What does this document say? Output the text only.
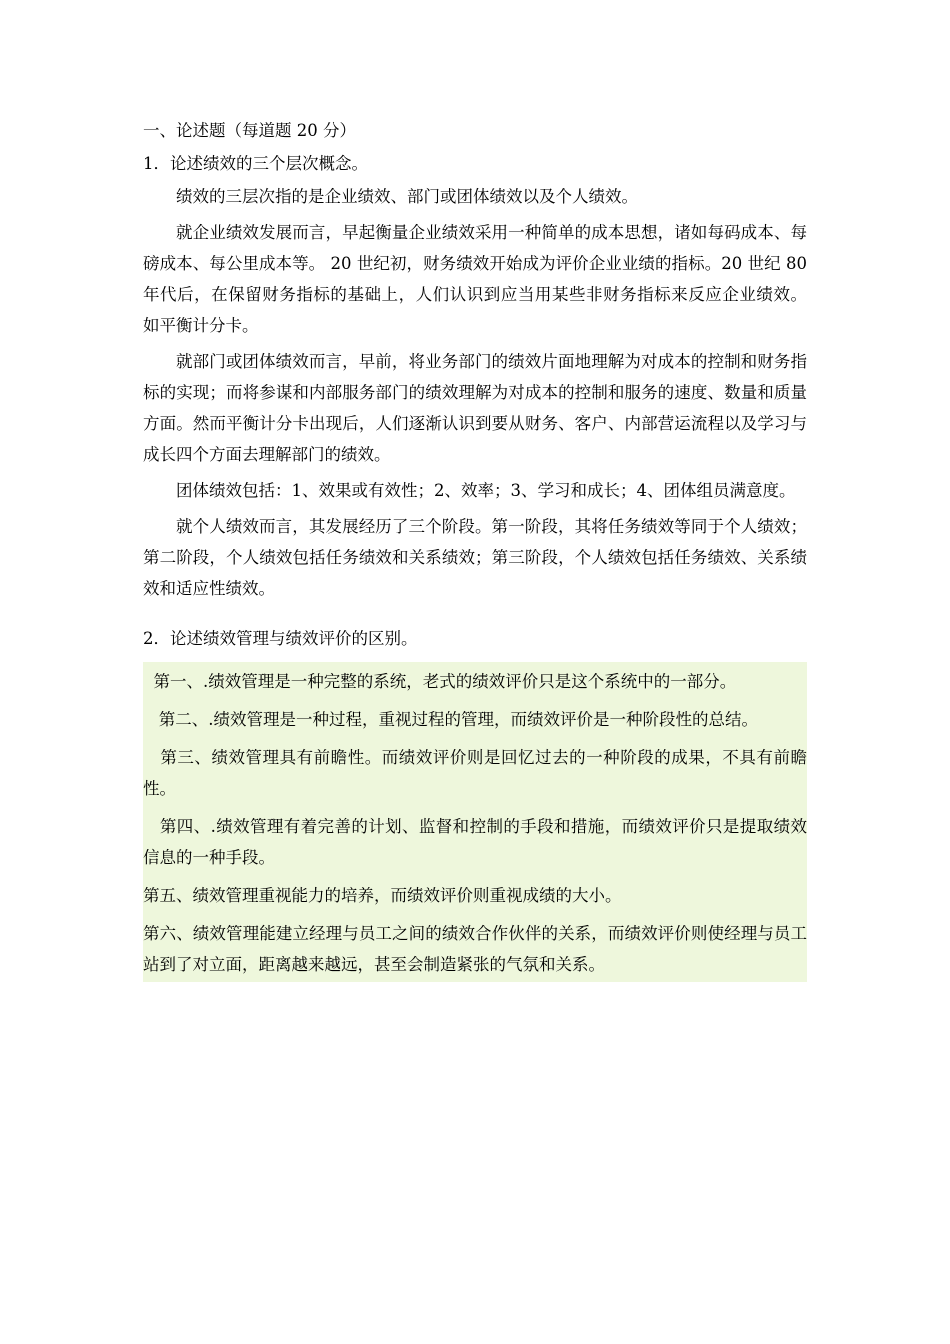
一、论述题（每道题 20 分）
1．论述绩效的三个层次概念。
绩效的三层次指的是企业绩效、部门或团体绩效以及个人绩效。
就企业绩效发展而言，早起衡量企业绩效采用一种简单的成本思想，诸如每码成本、每磅成本、每公里成本等。 20 世纪初，财务绩效开始成为评价企业业绩的指标。20 世纪 80 年代后，在保留财务指标的基础上，人们认识到应当用某些非财务指标来反应企业绩效。 如平衡计分卡。
就部门或团体绩效而言，早前，将业务部门的绩效片面地理解为对成本的控制和财务指标的实现；而将参谋和内部服务部门的绩效理解为对成本的控制和服务的速度、数量和质量方面。然而平衡计分卡出现后，人们逐渐认识到要从财务、客户、内部营运流程以及学习与成长四个方面去理解部门的绩效。
团体绩效包括：1、效果或有效性；2、效率；3、学习和成长；4、团体组员满意度。
就个人绩效而言，其发展经历了三个阶段。第一阶段，其将任务绩效等同于个人绩效；第二阶段，个人绩效包括任务绩效和关系绩效；第三阶段，个人绩效包括任务绩效、关系绩效和适应性绩效。
2．论述绩效管理与绩效评价的区别。
第一、.绩效管理是一种完整的系统，老式的绩效评价只是这个系统中的一部分。
第二、.绩效管理是一种过程，重视过程的管理，而绩效评价是一种阶段性的总结。
第三、绩效管理具有前瞻性。而绩效评价则是回忆过去的一种阶段的成果，不具有前瞻性。
第四、.绩效管理有着完善的计划、监督和控制的手段和措施，而绩效评价只是提取绩效信息的一种手段。
第五、绩效管理重视能力的培养，而绩效评价则重视成绩的大小。
第六、绩效管理能建立经理与员工之间的绩效合作伙伴的关系，而绩效评价则使经理与员工站到了对立面，距离越来越远，甚至会制造紧张的气氛和关系。
